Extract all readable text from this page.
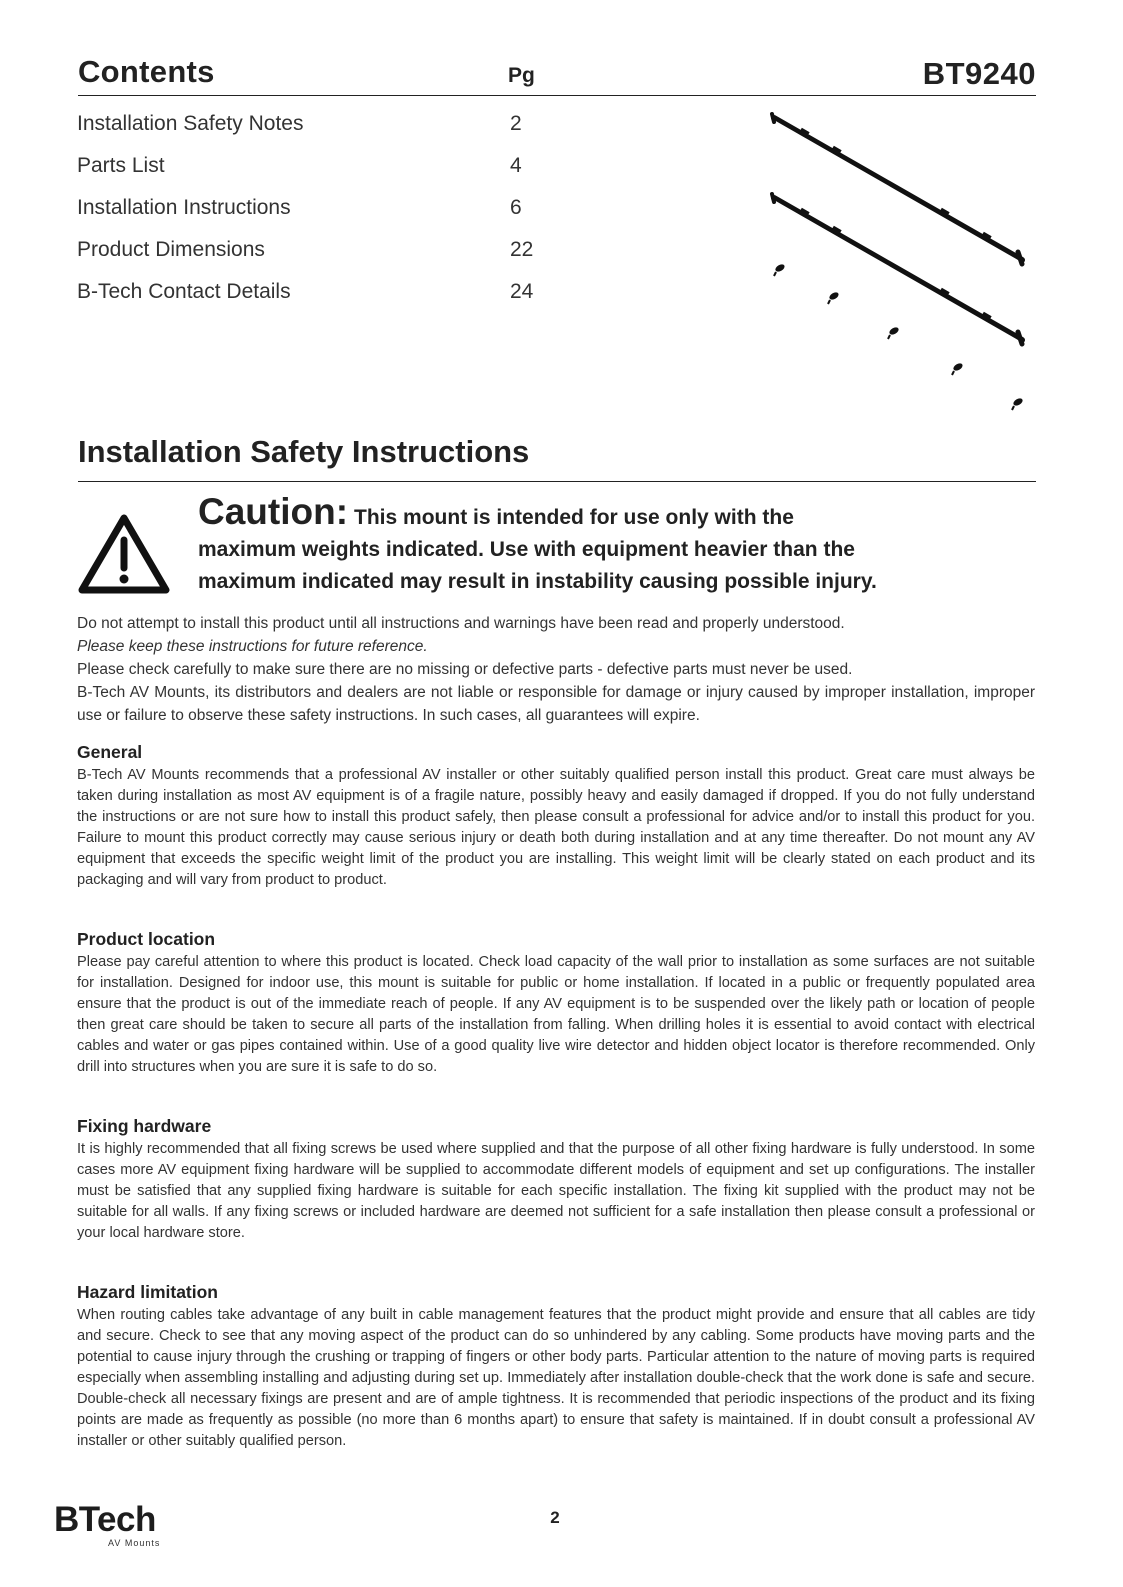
Contents	Pg	BT9240
Installation Safety Notes	2
Parts List	4
Installation Instructions	6
Product Dimensions	22
B-Tech Contact Details	24
Installation Safety Instructions
Caution: This mount is intended for use only with the
maximum weights indicated. Use with equipment heavier than the
maximum indicated may result in instability causing possible injury.

Do not attempt to install this product until all instructions and warnings have been read and properly understood.

Please keep these instructions for future reference.

Please check carefully to make sure there are no missing or defective parts - defective parts must never be used.

B-Tech AV Mounts, its distributors and dealers are not liable or responsible for damage or injury caused by improper installation, improper use or failure to observe these safety instructions. In such cases, all guarantees will expire.

General

B-Tech AV Mounts recommends that a professional AV installer or other suitably qualified person install this product. Great care must always be taken during installation as most AV equipment is of a fragile nature, possibly heavy and easily damaged if dropped. If you do not fully understand the instructions or are not sure how to install this product safely, then please consult a professional for advice and/or to install this product for you. Failure to mount this product correctly may cause serious injury or death both during installation and at any time thereafter. Do not mount any AV equipment that exceeds the specific weight limit of the product you are installing. This weight limit will be clearly stated on each product and its packaging and will vary from product to product.

Product location

Please pay careful attention to where this product is located. Check load capacity of the wall prior to installation as some surfaces are not suitable for installation. Designed for indoor use, this mount is suitable for public or home installation. If located in a public or frequently populated area ensure that the product is out of the immediate reach of people. If any AV equipment is to be suspended over the likely path or location of people then great care should be taken to secure all parts of the installation from falling. When drilling holes it is essential to avoid contact with electrical cables and water or gas pipes contained within. Use of a good quality live wire detector and hidden object locator is therefore recommended. Only drill into structures when you are sure it is safe to do so.

Fixing hardware

It is highly recommended that all fixing screws be used where supplied and that the purpose of all other fixing hardware is fully understood. In some cases more AV equipment fixing hardware will be supplied to accommodate different models of equipment and set up configurations. The installer must be satisfied that any supplied fixing hardware is suitable for each specific installation. The fixing kit supplied with the product may not be suitable for all walls. If any fixing screws or included hardware are deemed not sufficient for a safe installation then please consult a professional or your local hardware store.

Hazard limitation

When routing cables take advantage of any built in cable management features that the product might provide and ensure that all cables are tidy and secure. Check to see that any moving aspect of the product can do so unhindered by any cabling. Some products have moving parts and the potential to cause injury through the crushing or trapping of fingers or other body parts. Particular attention to the nature of moving parts is required especially when assembling installing and adjusting during set up. Immediately after installation double-check that the work done is safe and secure. Double-check all necessary fixings are present and are of ample tightness. It is recommended that periodic inspections of the product and its fixing points are made as frequently as possible (no more than 6 months apart) to ensure that safety is maintained. If in doubt consult a professional AV installer or other suitably qualified person.

BTech
AV Mounts
2
